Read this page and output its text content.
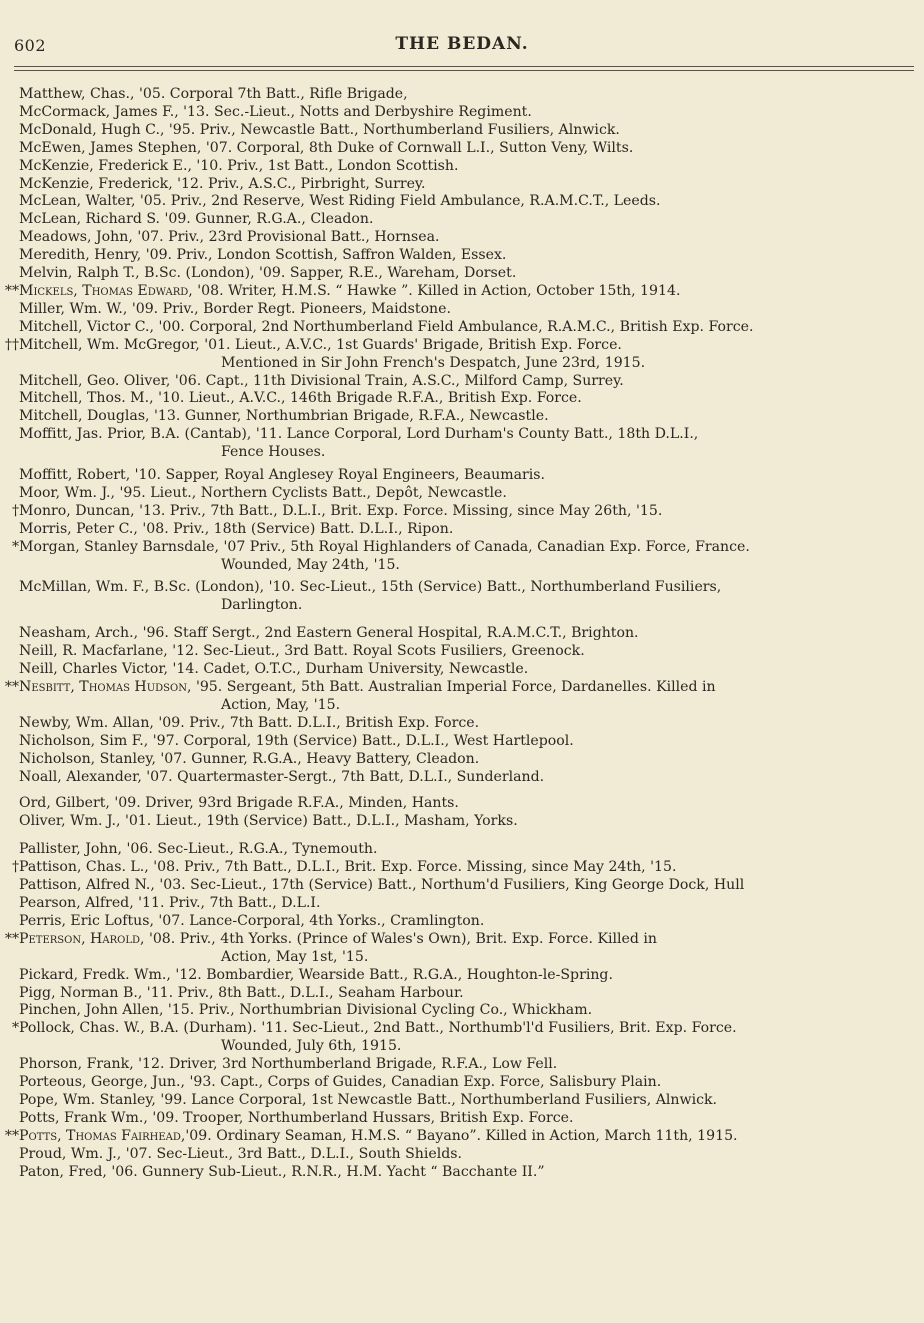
602	THE BEDAN.
Matthew, Chas., '05. Corporal 7th Batt., Rifle Brigade,
McCormack, James F., '13. Sec.-Lieut., Notts and Derbyshire Regiment.
McDonald, Hugh C., '95. Priv., Newcastle Batt., Northumberland Fusiliers, Alnwick.
McEwen, James Stephen, '07. Corporal, 8th Duke of Cornwall L.I., Sutton Veny, Wilts.
McKenzie, Frederick E., '10. Priv., 1st Batt., London Scottish.
McKenzie, Frederick, '12. Priv., A.S.C., Pirbright, Surrey.
McLean, Walter, '05. Priv., 2nd Reserve, West Riding Field Ambulance, R.A.M.C.T., Leeds.
McLean, Richard S. '09. Gunner, R.G.A., Cleadon.
Meadows, John, '07. Priv., 23rd Provisional Batt., Hornsea.
Meredith, Henry, '09. Priv., London Scottish, Saffron Walden, Essex.
Melvin, Ralph T., B.Sc. (London), '09. Sapper, R.E., Wareham, Dorset.
** Mickels, Thomas Edward, '08. Writer, H.M.S. “ Hawke ”. Killed in Action, October 15th, 1914.
Miller, Wm. W., '09. Priv., Border Regt. Pioneers, Maidstone.
Mitchell, Victor C., '00. Corporal, 2nd Northumberland Field Ambulance, R.A.M.C., British Exp. Force.
†† Mitchell, Wm. McGregor, '01. Lieut., A.V.C., 1st Guards' Brigade, British Exp. Force.
Mentioned in Sir John French's Despatch, June 23rd, 1915.
Mitchell, Geo. Oliver, '06. Capt., 11th Divisional Train, A.S.C., Milford Camp, Surrey.
Mitchell, Thos. M., '10. Lieut., A.V.C., 146th Brigade R.F.A., British Exp. Force.
Mitchell, Douglas, '13. Gunner, Northumbrian Brigade, R.F.A., Newcastle.
Moffitt, Jas. Prior, B.A. (Cantab), '11. Lance Corporal, Lord Durham's County Batt., 18th D.L.I.,
Fence Houses.
Moffitt, Robert, '10. Sapper, Royal Anglesey Royal Engineers, Beaumaris.
Moor, Wm. J., '95. Lieut., Northern Cyclists Batt., Depôt, Newcastle.
† Monro, Duncan, '13. Priv., 7th Batt., D.L.I., Brit. Exp. Force. Missing, since May 26th, '15.
Morris, Peter C., '08. Priv., 18th (Service) Batt. D.L.I., Ripon.
* Morgan, Stanley Barnsdale, '07 Priv., 5th Royal Highlanders of Canada, Canadian Exp. Force, France.
Wounded, May 24th, '15.
McMillan, Wm. F., B.Sc. (London), '10. Sec-Lieut., 15th (Service) Batt., Northumberland Fusiliers,
Darlington.
Neasham, Arch., '96. Staff Sergt., 2nd Eastern General Hospital, R.A.M.C.T., Brighton.
Neill, R. Macfarlane, '12. Sec-Lieut., 3rd Batt. Royal Scots Fusiliers, Greenock.
Neill, Charles Victor, '14. Cadet, O.T.C., Durham University, Newcastle.
** Nesbitt, Thomas Hudson, '95. Sergeant, 5th Batt. Australian Imperial Force, Dardanelles. Killed in
Action, May, '15.
Newby, Wm. Allan, '09. Priv., 7th Batt. D.L.I., British Exp. Force.
Nicholson, Sim F., '97. Corporal, 19th (Service) Batt., D.L.I., West Hartlepool.
Nicholson, Stanley, '07. Gunner, R.G.A., Heavy Battery, Cleadon.
Noall, Alexander, '07. Quartermaster-Sergt., 7th Batt, D.L.I., Sunderland.
Ord, Gilbert, '09. Driver, 93rd Brigade R.F.A., Minden, Hants.
Oliver, Wm. J., '01. Lieut., 19th (Service) Batt., D.L.I., Masham, Yorks.
Pallister, John, '06. Sec-Lieut., R.G.A., Tynemouth.
† Pattison, Chas. L., '08. Priv., 7th Batt., D.L.I., Brit. Exp. Force. Missing, since May 24th, '15.
Pattison, Alfred N., '03. Sec-Lieut., 17th (Service) Batt., Northum'd Fusiliers, King George Dock, Hull
Pearson, Alfred, '11. Priv., 7th Batt., D.L.I.
Perris, Eric Loftus, '07. Lance-Corporal, 4th Yorks., Cramlington.
** Peterson, Harold, '08. Priv., 4th Yorks. (Prince of Wales's Own), Brit. Exp. Force. Killed in
Action, May 1st, '15.
Pickard, Fredk. Wm., '12. Bombardier, Wearside Batt., R.G.A., Houghton-le-Spring.
Pigg, Norman B., '11. Priv., 8th Batt., D.L.I., Seaham Harbour.
Pinchen, John Allen, '15. Priv., Northumbrian Divisional Cycling Co., Whickham.
* Pollock, Chas. W., B.A. (Durham). '11. Sec-Lieut., 2nd Batt., Northumb'l'd Fusiliers, Brit. Exp. Force.
Wounded, July 6th, 1915.
Phorson, Frank, '12. Driver, 3rd Northumberland Brigade, R.F.A., Low Fell.
Porteous, George, Jun., '93. Capt., Corps of Guides, Canadian Exp. Force, Salisbury Plain.
Pope, Wm. Stanley, '99. Lance Corporal, 1st Newcastle Batt., Northumberland Fusiliers, Alnwick.
Potts, Frank Wm., '09. Trooper, Northumberland Hussars, British Exp. Force.
** Potts, Thomas Fairhead,'09. Ordinary Seaman, H.M.S. “ Bayano”. Killed in Action, March 11th, 1915.
Proud, Wm. J., '07. Sec-Lieut., 3rd Batt., D.L.I., South Shields.
Paton, Fred, '06. Gunnery Sub-Lieut., R.N.R., H.M. Yacht “ Bacchante II.”
